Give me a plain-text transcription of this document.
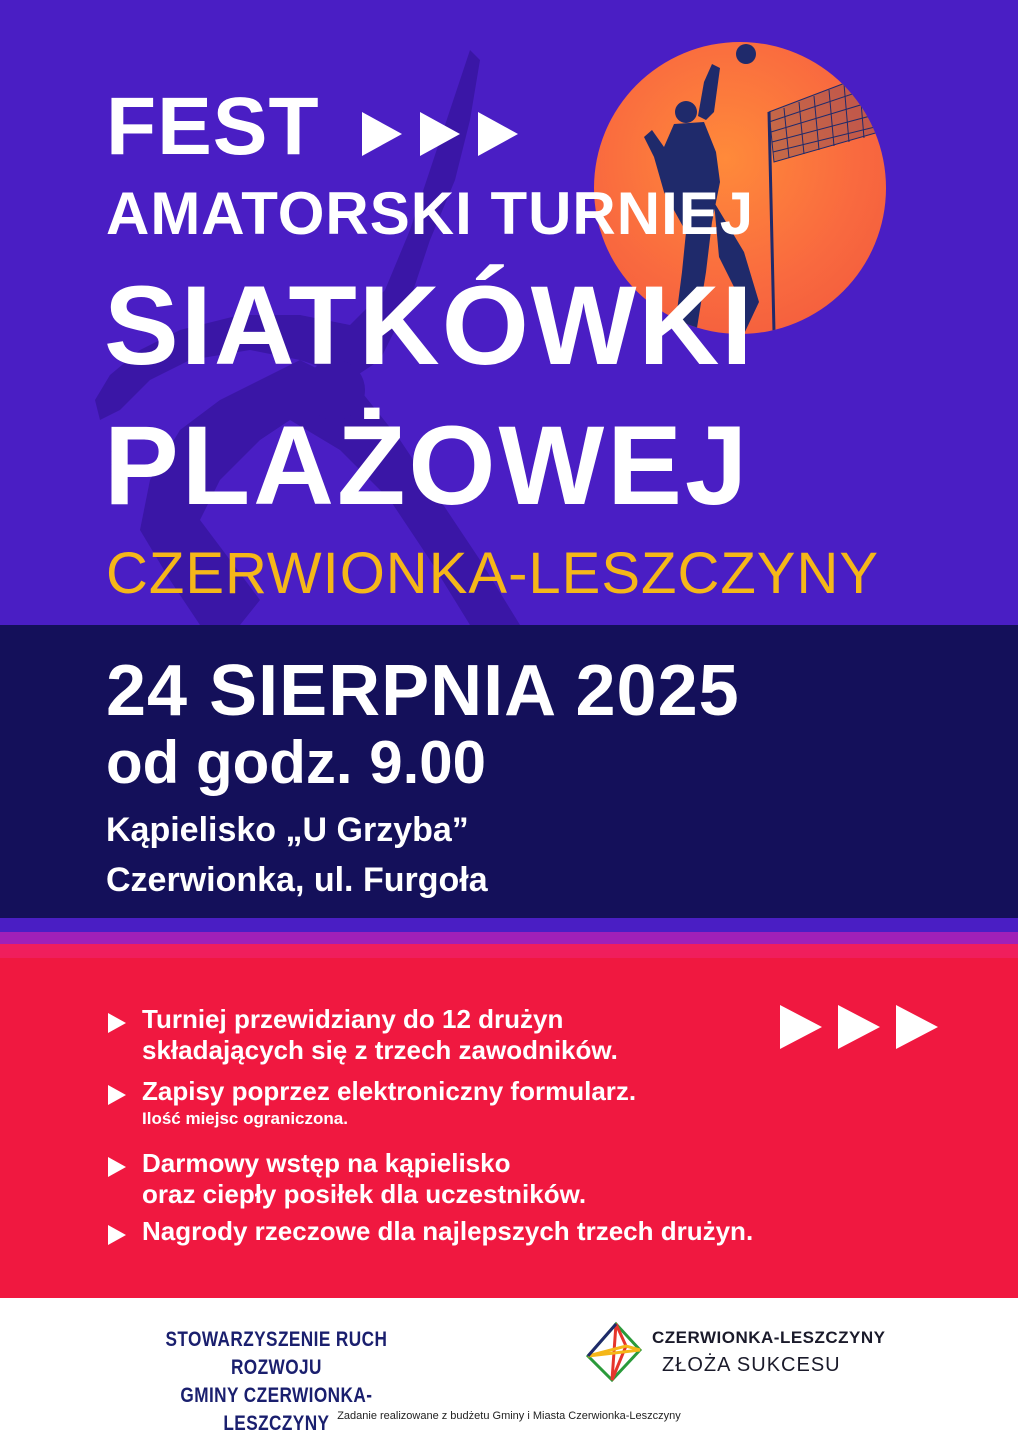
FEST
AMATORSKI TURNIEJ
SIATKÓWKI
PLAŻOWEJ
CZERWIONKA-LESZCZYNY
24 SIERPNIA 2025
od godz. 9.00
Kąpielisko „U Grzyba”
Czerwionka, ul. Furgoła
Turniej przewidziany do 12 drużyn
składających się z trzech zawodników.
Zapisy poprzez elektroniczny formularz.
Ilość miejsc ograniczona.
Darmowy wstęp na kąpielisko
oraz ciepły posiłek dla uczestników.
Nagrody rzeczowe dla najlepszych trzech drużyn.
STOWARZYSZENIE RUCH ROZWOJU
GMINY CZERWIONKA-LESZCZYNY
CZERWIONKA-LESZCZYNY
ZŁOŻA SUKCESU
Zadanie realizowane z budżetu Gminy i Miasta Czerwionka-Leszczyny
